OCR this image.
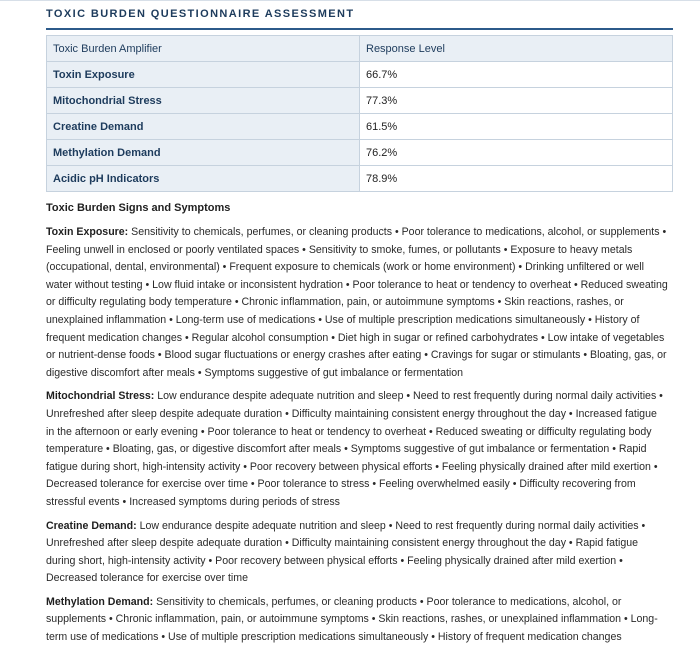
TOXIC BURDEN QUESTIONNAIRE ASSESSMENT
Toxic Burden Amplifier	Response Level
Toxin Exposure	66.7%
Mitochondrial Stress	77.3%
Creatine Demand	61.5%
Methylation Demand	76.2%
Acidic pH Indicators	78.9%
Toxic Burden Signs and Symptoms

Toxin Exposure: Sensitivity to chemicals, perfumes, or cleaning products • Poor tolerance to medications, alcohol, or supplements • Feeling unwell in enclosed or poorly ventilated spaces • Sensitivity to smoke, fumes, or pollutants • Exposure to heavy metals (occupational, dental, environmental) • Frequent exposure to chemicals (work or home environment) • Drinking unfiltered or well water without testing • Low fluid intake or inconsistent hydration • Poor tolerance to heat or tendency to overheat • Reduced sweating or difficulty regulating body temperature • Chronic inflammation, pain, or autoimmune symptoms • Skin reactions, rashes, or unexplained inflammation • Long-term use of medications • Use of multiple prescription medications simultaneously • History of frequent medication changes • Regular alcohol consumption • Diet high in sugar or refined carbohydrates • Low intake of vegetables or nutrient-dense foods • Blood sugar fluctuations or energy crashes after eating • Cravings for sugar or stimulants • Bloating, gas, or digestive discomfort after meals • Symptoms suggestive of gut imbalance or fermentation

Mitochondrial Stress: Low endurance despite adequate nutrition and sleep • Need to rest frequently during normal daily activities • Unrefreshed after sleep despite adequate duration • Difficulty maintaining consistent energy throughout the day • Increased fatigue in the afternoon or early evening • Poor tolerance to heat or tendency to overheat • Reduced sweating or difficulty regulating body temperature • Bloating, gas, or digestive discomfort after meals • Symptoms suggestive of gut imbalance or fermentation • Rapid fatigue during short, high-intensity activity • Poor recovery between physical efforts • Feeling physically drained after mild exertion • Decreased tolerance for exercise over time • Poor tolerance to stress • Feeling overwhelmed easily • Difficulty recovering from stressful events • Increased symptoms during periods of stress

Creatine Demand: Low endurance despite adequate nutrition and sleep • Need to rest frequently during normal daily activities • Unrefreshed after sleep despite adequate duration • Difficulty maintaining consistent energy throughout the day • Rapid fatigue during short, high-intensity activity • Poor recovery between physical efforts • Feeling physically drained after mild exertion • Decreased tolerance for exercise over time

Methylation Demand: Sensitivity to chemicals, perfumes, or cleaning products • Poor tolerance to medications, alcohol, or supplements • Chronic inflammation, pain, or autoimmune symptoms • Skin reactions, rashes, or unexplained inflammation • Long-term use of medications • Use of multiple prescription medications simultaneously • History of frequent medication changes
